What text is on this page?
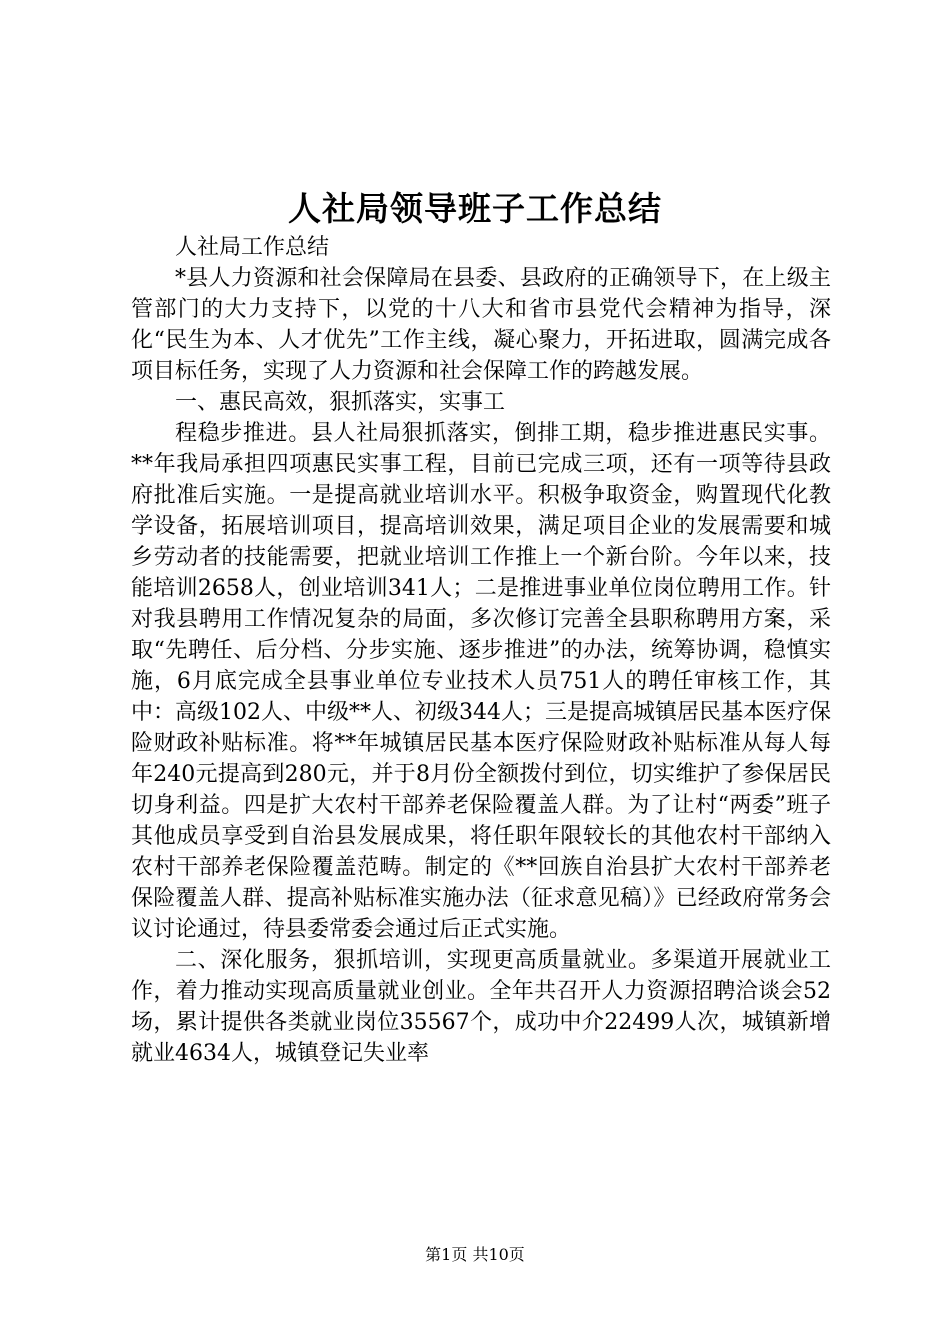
人社局领导班子工作总结

人社局工作总结

*县人力资源和社会保障局在县委、县政府的正确领导下，在上级主管部门的大力支持下，以党的十八大和省市县党代会精神为指导，深化“民生为本、人才优先”工作主线，凝心聚力，开拓进取，圆满完成各项目标任务，实现了人力资源和社会保障工作的跨越发展。

一、惠民高效，狠抓落实，实事工

程稳步推进。县人社局狠抓落实，倒排工期，稳步推进惠民实事。**年我局承担四项惠民实事工程，目前已完成三项，还有一项等待县政府批准后实施。一是提高就业培训水平。积极争取资金，购置现代化教学设备，拓展培训项目，提高培训效果，满足项目企业的发展需要和城乡劳动者的技能需要，把就业培训工作推上一个新台阶。今年以来，技能培训2658人，创业培训341人；二是推进事业单位岗位聘用工作。针对我县聘用工作情况复杂的局面，多次修订完善全县职称聘用方案，采取“先聘任、后分档、分步实施、逐步推进”的办法，统筹协调，稳慎实施，6月底完成全县事业单位专业技术人员751人的聘任审核工作，其中：高级102人、中级**人、初级344人；三是提高城镇居民基本医疗保险财政补贴标准。将**年城镇居民基本医疗保险财政补贴标准从每人每年240元提高到280元，并于8月份全额拨付到位，切实维护了参保居民切身利益。四是扩大农村干部养老保险覆盖人群。为了让村“两委”班子其他成员享受到自治县发展成果，将任职年限较长的其他农村干部纳入农村干部养老保险覆盖范畴。制定的《**回族自治县扩大农村干部养老保险覆盖人群、提高补贴标准实施办法（征求意见稿）》已经政府常务会议讨论通过，待县委常委会通过后正式实施。

二、深化服务，狠抓培训，实现更高质量就业。多渠道开展就业工作，着力推动实现高质量就业创业。全年共召开人力资源招聘洽谈会52场，累计提供各类就业岗位35567个，成功中介22499人次，城镇新增就业4634人，城镇登记失业率

第1页 共10页
